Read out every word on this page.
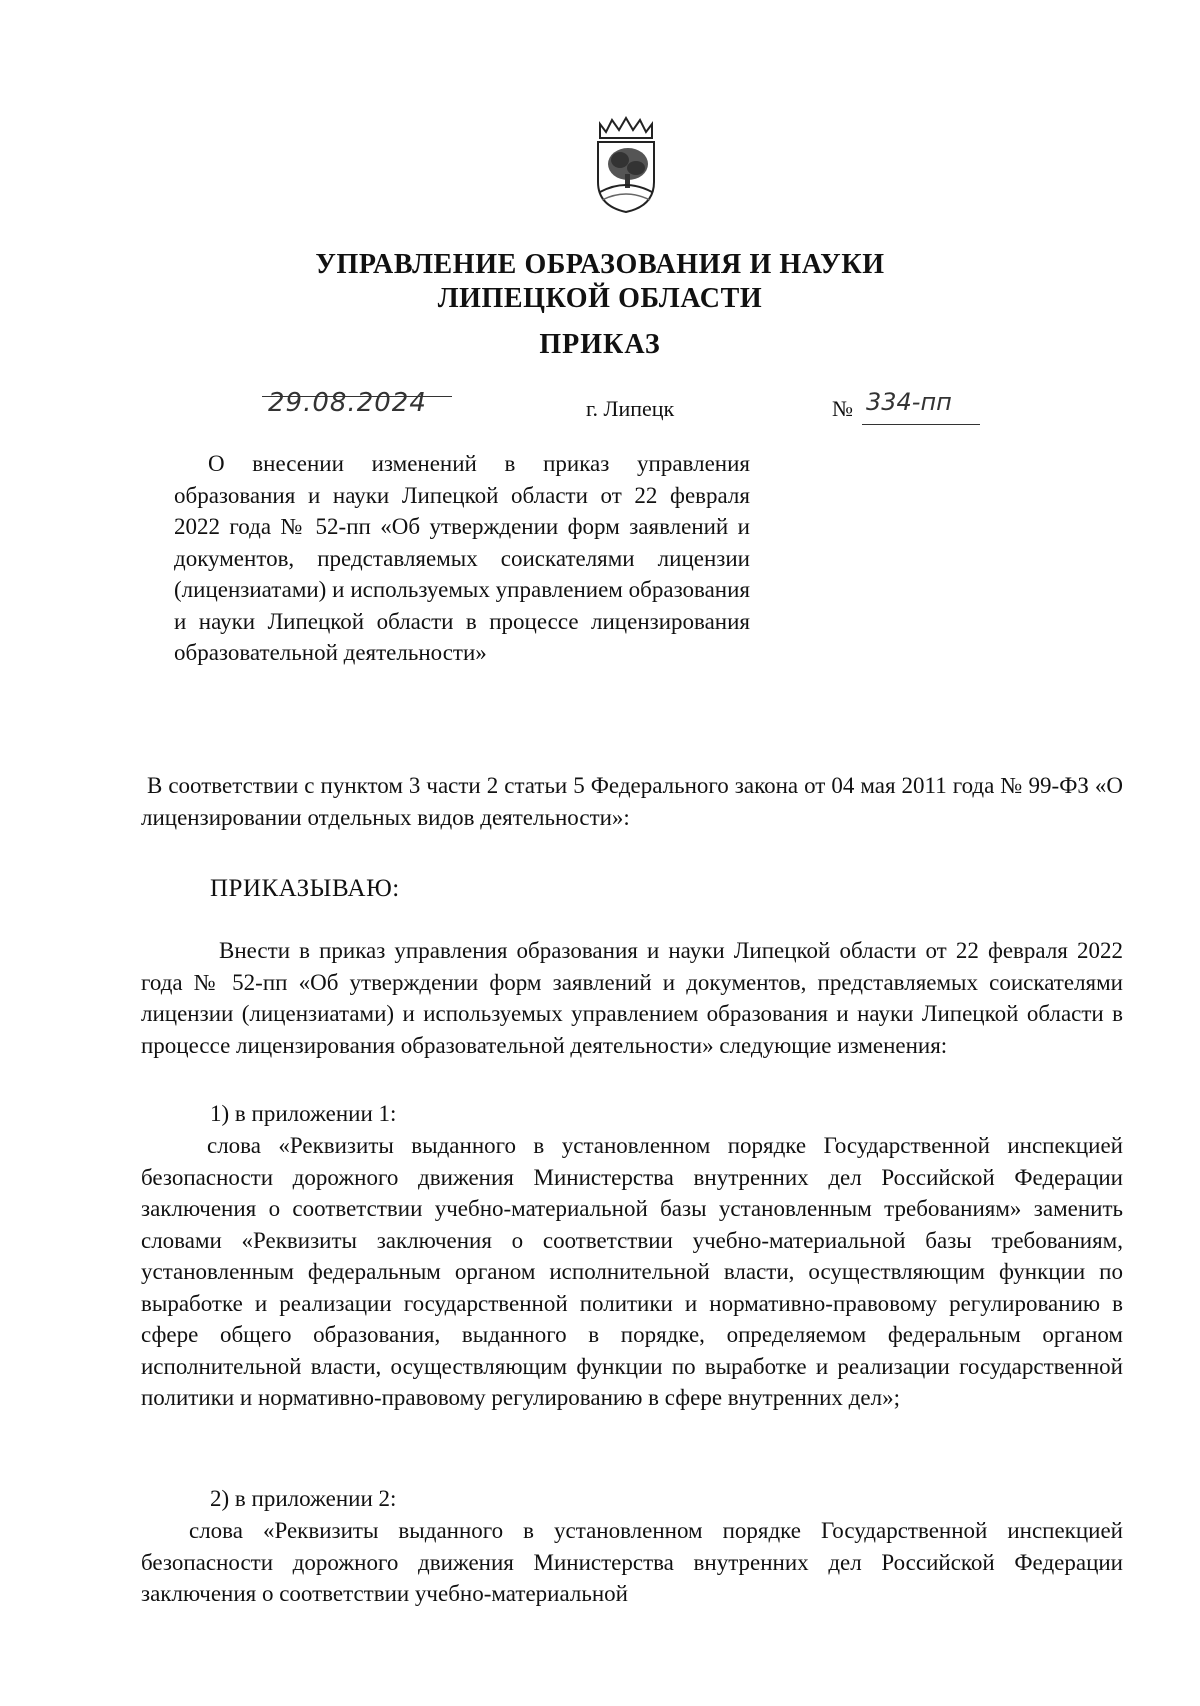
УПРАВЛЕНИЕ ОБРАЗОВАНИЯ И НАУКИ
ЛИПЕЦКОЙ ОБЛАСТИ
ПРИКАЗ
29.08.2024	г. Липецк	№ 334-пп
О внесении изменений в приказ управления образования и науки Липецкой области от 22 февраля 2022 года № 52-пп «Об утверждении форм заявлений и документов, представляемых соискателями лицензии (лицензиатами) и используемых управлением образования и науки Липецкой области в процессе лицензирования образовательной деятельности»
В соответствии с пунктом 3 части 2 статьи 5 Федерального закона от 04 мая 2011 года № 99-ФЗ «О лицензировании отдельных видов деятельности»:
ПРИКАЗЫВАЮ:
Внести в приказ управления образования и науки Липецкой области от 22 февраля 2022 года № 52-пп «Об утверждении форм заявлений и документов, представляемых соискателями лицензии (лицензиатами) и используемых управлением образования и науки Липецкой области в процессе лицензирования образовательной деятельности» следующие изменения:
1) в приложении 1:
слова «Реквизиты выданного в установленном порядке Государственной инспекцией безопасности дорожного движения Министерства внутренних дел Российской Федерации заключения о соответствии учебно-материальной базы установленным требованиям» заменить словами «Реквизиты заключения о соответствии учебно-материальной базы требованиям, установленным федеральным органом исполнительной власти, осуществляющим функции по выработке и реализации государственной политики и нормативно-правовому регулированию в сфере общего образования, выданного в порядке, определяемом федеральным органом исполнительной власти, осуществляющим функции по выработке и реализации государственной политики и нормативно-правовому регулированию в сфере внутренних дел»;
2) в приложении 2:
слова «Реквизиты выданного в установленном порядке Государственной инспекцией безопасности дорожного движения Министерства внутренних дел Российской Федерации заключения о соответствии учебно-материальной
